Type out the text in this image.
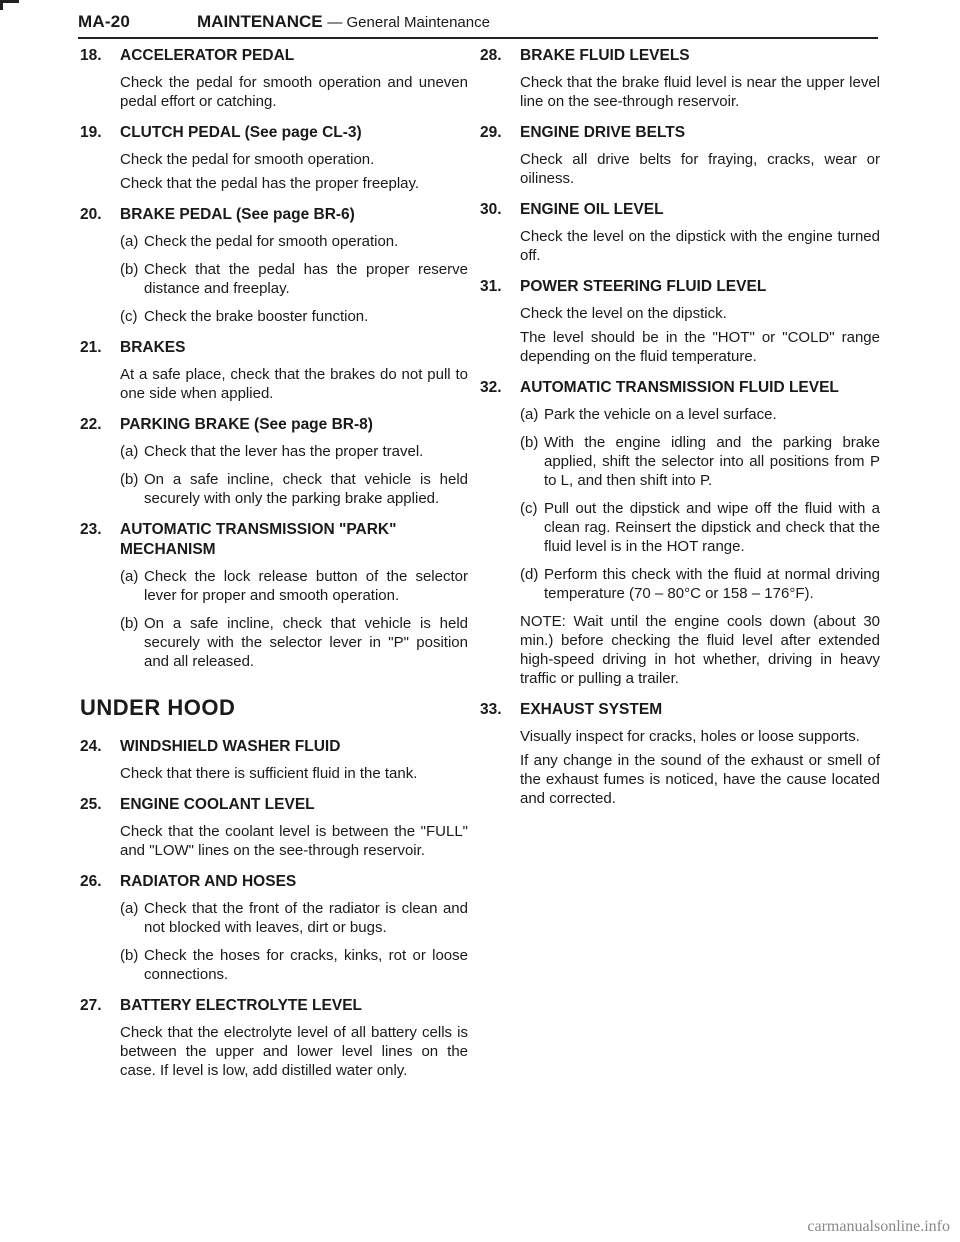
MA-20	MAINTENANCE — General Maintenance
18. ACCELERATOR PEDAL

Check the pedal for smooth operation and uneven pedal effort or catching.

19. CLUTCH PEDAL (See page CL-3)

Check the pedal for smooth operation.

Check that the pedal has the proper freeplay.

20. BRAKE PEDAL (See page BR-6)
(a) Check the pedal for smooth operation.
(b) Check that the pedal has the proper reserve distance and freeplay.
(c) Check the brake booster function.
21. BRAKES

At a safe place, check that the brakes do not pull to one side when applied.

22. PARKING BRAKE (See page BR-8)
(a) Check that the lever has the proper travel.
(b) On a safe incline, check that vehicle is held securely with only the parking brake applied.
23. AUTOMATIC TRANSMISSION "PARK" MECHANISM
(a) Check the lock release button of the selector lever for proper and smooth operation.
(b) On a safe incline, check that vehicle is held securely with the selector lever in "P" position and all released.
UNDER HOOD
24. WINDSHIELD WASHER FLUID

Check that there is sufficient fluid in the tank.

25. ENGINE COOLANT LEVEL

Check that the coolant level is between the "FULL" and "LOW" lines on the see-through reservoir.

26. RADIATOR AND HOSES
(a) Check that the front of the radiator is clean and not blocked with leaves, dirt or bugs.
(b) Check the hoses for cracks, kinks, rot or loose connections.
27. BATTERY ELECTROLYTE LEVEL

Check that the electrolyte level of all battery cells is between the upper and lower level lines on the case. If level is low, add distilled water only.

28. BRAKE FLUID LEVELS

Check that the brake fluid level is near the upper level line on the see-through reservoir.

29. ENGINE DRIVE BELTS

Check all drive belts for fraying, cracks, wear or oiliness.

30. ENGINE OIL LEVEL

Check the level on the dipstick with the engine turned off.

31. POWER STEERING FLUID LEVEL

Check the level on the dipstick.

The level should be in the "HOT" or "COLD" range depending on the fluid temperature.

32. AUTOMATIC TRANSMISSION FLUID LEVEL
(a) Park the vehicle on a level surface.
(b) With the engine idling and the parking brake applied, shift the selector into all positions from P to L, and then shift into P.
(c) Pull out the dipstick and wipe off the fluid with a clean rag. Reinsert the dipstick and check that the fluid level is in the HOT range.
(d) Perform this check with the fluid at normal driving temperature (70 – 80°C or 158 – 176°F).
NOTE: Wait until the engine cools down (about 30 min.) before checking the fluid level after extended high-speed driving in hot whether, driving in heavy traffic or pulling a trailer.
33. EXHAUST SYSTEM

Visually inspect for cracks, holes or loose supports.

If any change in the sound of the exhaust or smell of the exhaust fumes is noticed, have the cause located and corrected.

carmanualsonline.info
